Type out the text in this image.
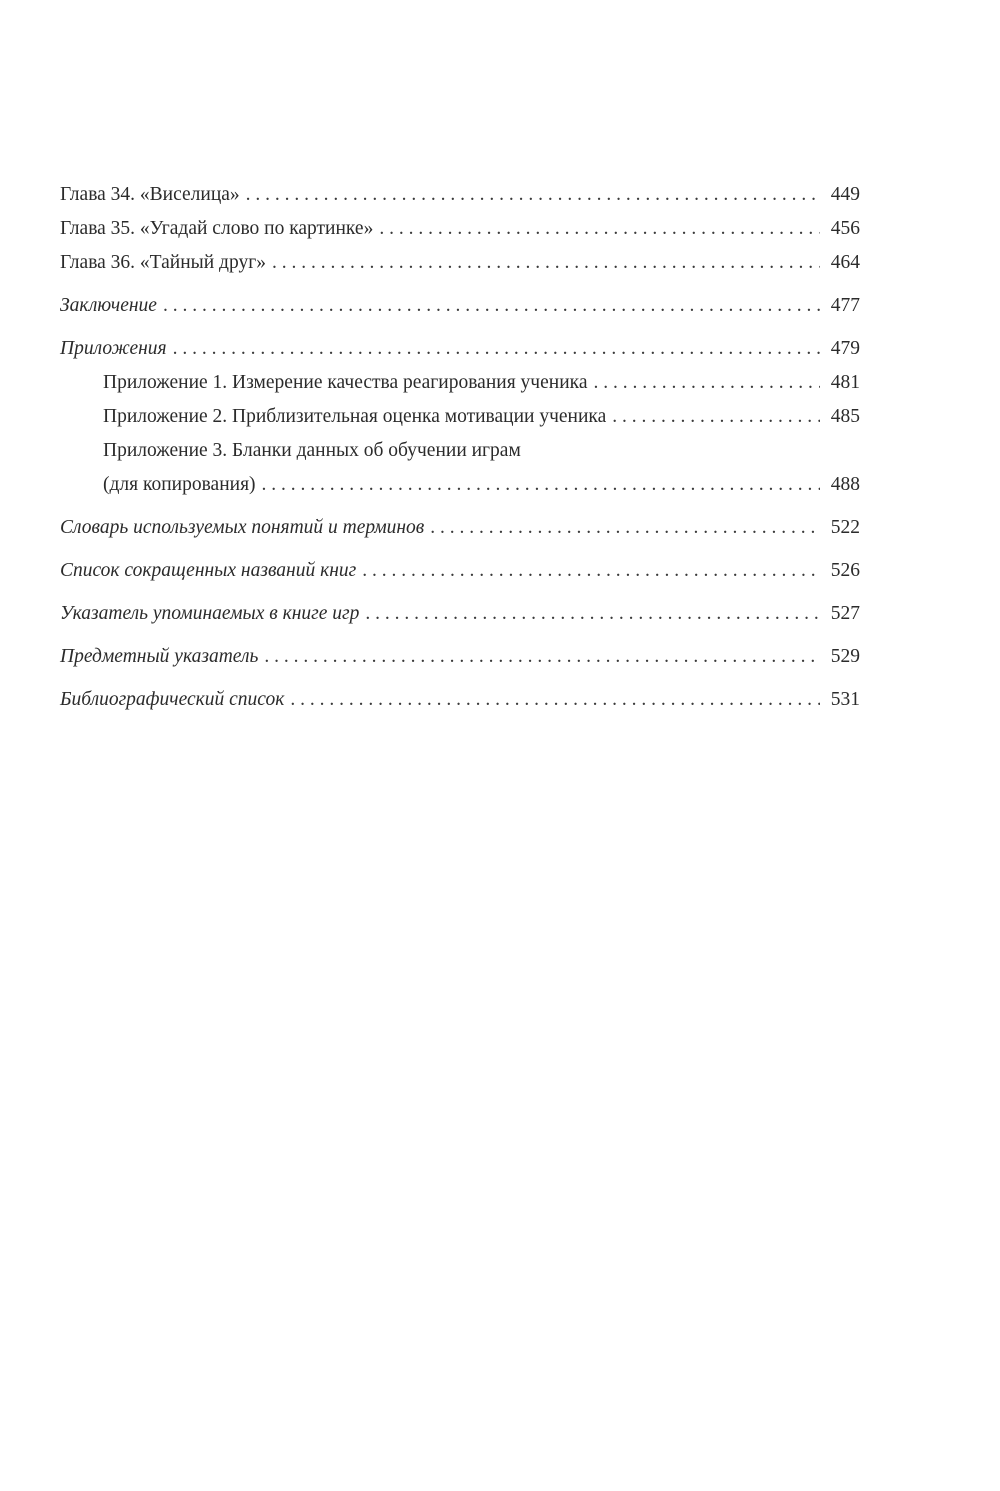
Глава 34. «Виселица» . . .	449
Глава 35. «Угадай слово по картинке» . . .	456
Глава 36. «Тайный друг» . . .	464
Заключение . . .	477
Приложения . . .	479
Приложение 1. Измерение качества реагирования ученика . . .	481
Приложение 2. Приблизительная оценка мотивации ученика . . .	485
Приложение 3. Бланки данных об обучении играм
(для копирования) . . .	488
Словарь используемых понятий и терминов . . .	522
Список сокращенных названий книг . . .	526
Указатель упоминаемых в книге игр . . .	527
Предметный указатель . . .	529
Библиографический список . . .	531
